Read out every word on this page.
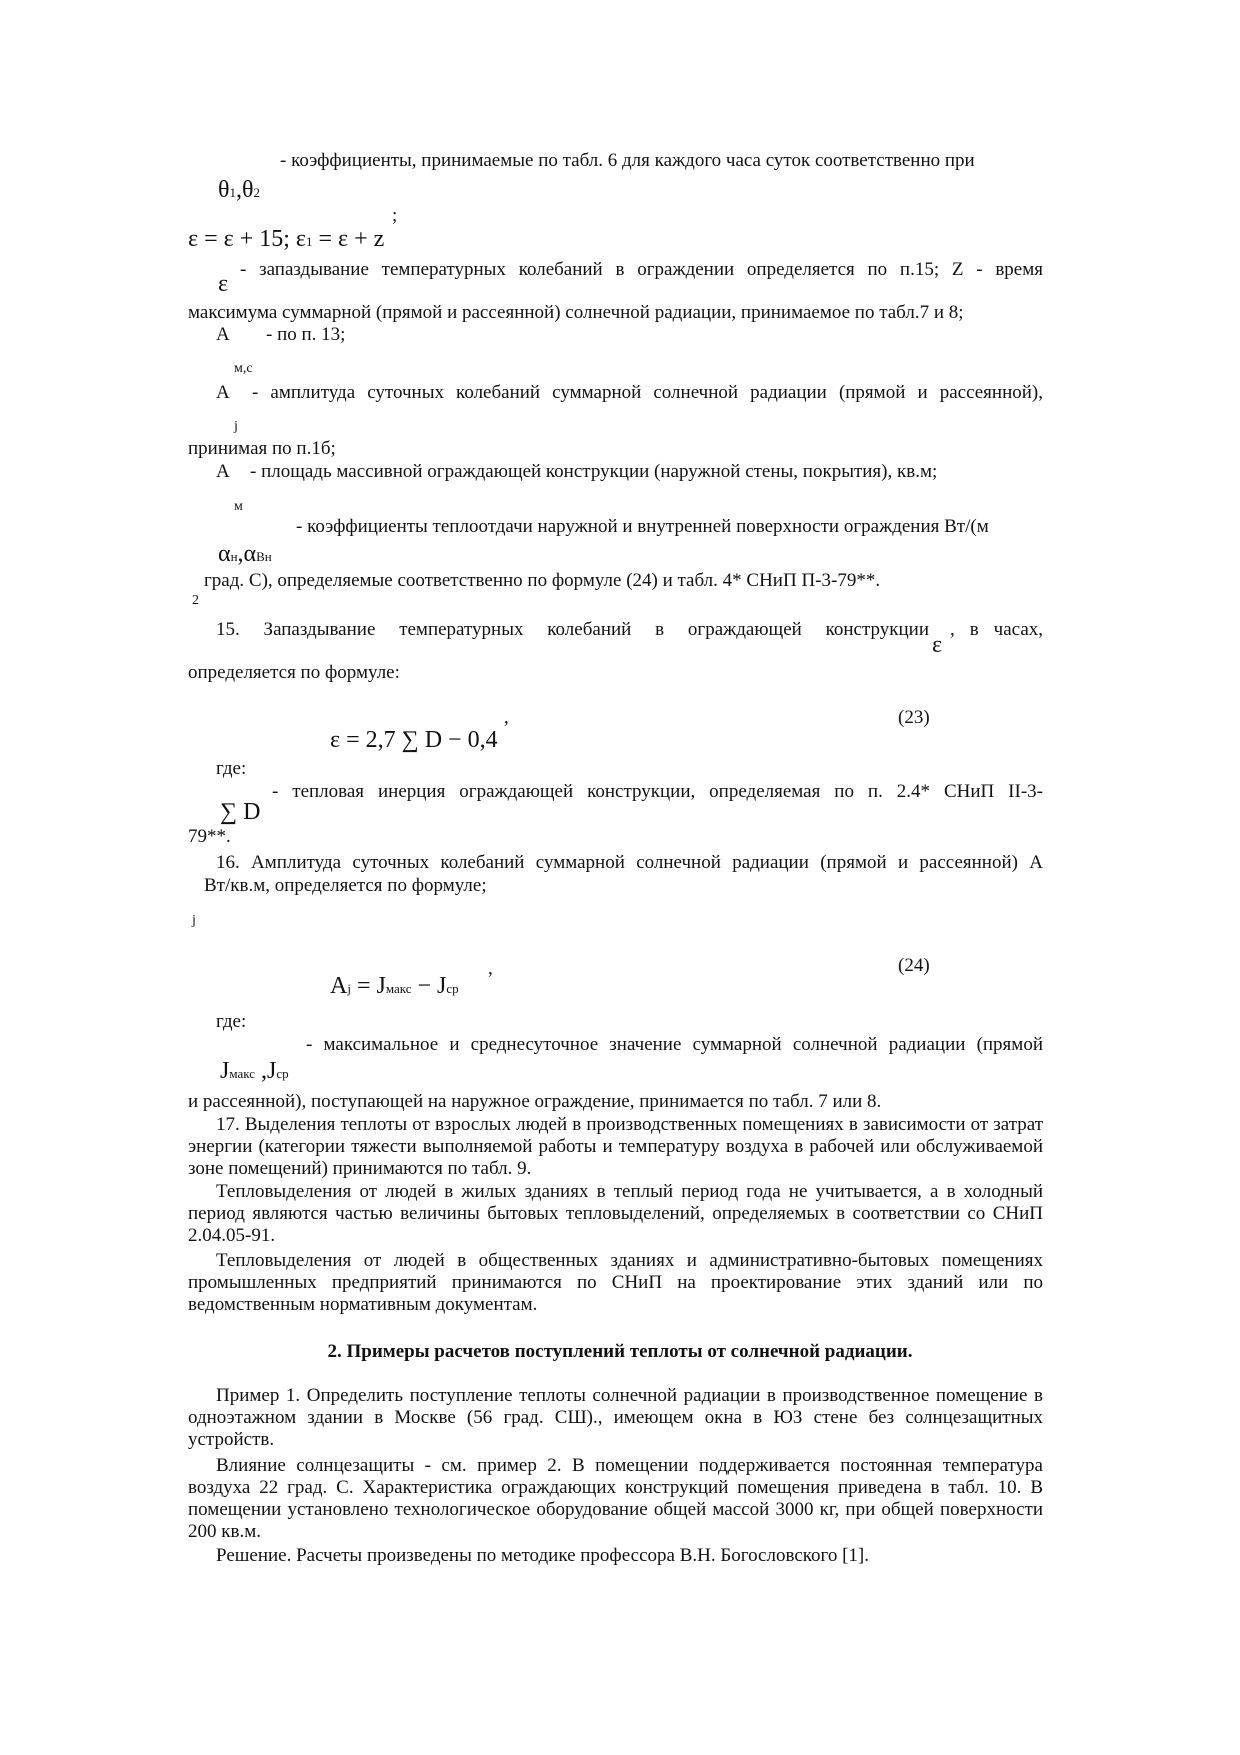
- коэффициенты, принимаемые по табл. 6 для каждого часа суток соответственно при
θ1,θ2
;
ε = ε + 15; ε1 = ε + z
ε
- запаздывание температурных колебаний в ограждении определяется по п.15; Z - время
максимума суммарной (прямой и рассеянной) солнечной радиации, принимаемое по табл.7 и 8;
A - по п. 13;
м,с
A - амплитуда суточных колебаний суммарной солнечной радиации (прямой и рассеянной),
j
принимая по п.1б;
A - площадь массивной ограждающей конструкции (наружной стены, покрытия), кв.м;
м
- коэффициенты теплоотдачи наружной и внутренней поверхности ограждения Вт/(м
αн,αВн
град. С), определяемые соответственно по формуле (24) и табл. 4* СНиП П-3-79**.
2
15. Запаздывание температурных колебаний в ограждающей конструкции
ε
, в часах,
определяется по формуле:
ε = 2,7 ∑ D − 0,4
,	(23)
где:
∑ D
- тепловая инерция ограждающей конструкции, определяемая по п. 2.4* СНиП II-3-
79**.
16. Амплитуда суточных колебаний суммарной солнечной радиации (прямой и рассеянной) A
Вт/кв.м, определяется по формуле;
j
Aj = Jмакс − Jср
,	(24)
где:
Jмакс ,Jср
- максимальное и среднесуточное значение суммарной солнечной радиации (прямой
и рассеянной), поступающей на наружное ограждение, принимается по табл. 7 или 8.
17. Выделения теплоты от взрослых людей в производственных помещениях в зависимости от затрат энергии (категории тяжести выполняемой работы и температуру воздуха в рабочей или обслуживаемой зоне помещений) принимаются по табл. 9.
Тепловыделения от людей в жилых зданиях в теплый период года не учитывается, а в холодный период являются частью величины бытовых тепловыделений, определяемых в соответствии со СНиП 2.04.05-91.
Тепловыделения от людей в общественных зданиях и административно-бытовых помещениях промышленных предприятий принимаются по СНиП на проектирование этих зданий или по ведомственным нормативным документам.
2. Примеры расчетов поступлений теплоты от солнечной радиации.
Пример 1. Определить поступление теплоты солнечной радиации в производственное помещение в одноэтажном здании в Москве (56 град. СШ)., имеющем окна в ЮЗ стене без солнцезащитных устройств.
Влияние солнцезащиты - см. пример 2. В помещении поддерживается постоянная температура воздуха 22 град. С. Характеристика ограждающих конструкций помещения приведена в табл. 10. В помещении установлено технологическое оборудование общей массой 3000 кг, при общей поверхности 200 кв.м.
Решение. Расчеты произведены по методике профессора В.Н. Богословского [1].
